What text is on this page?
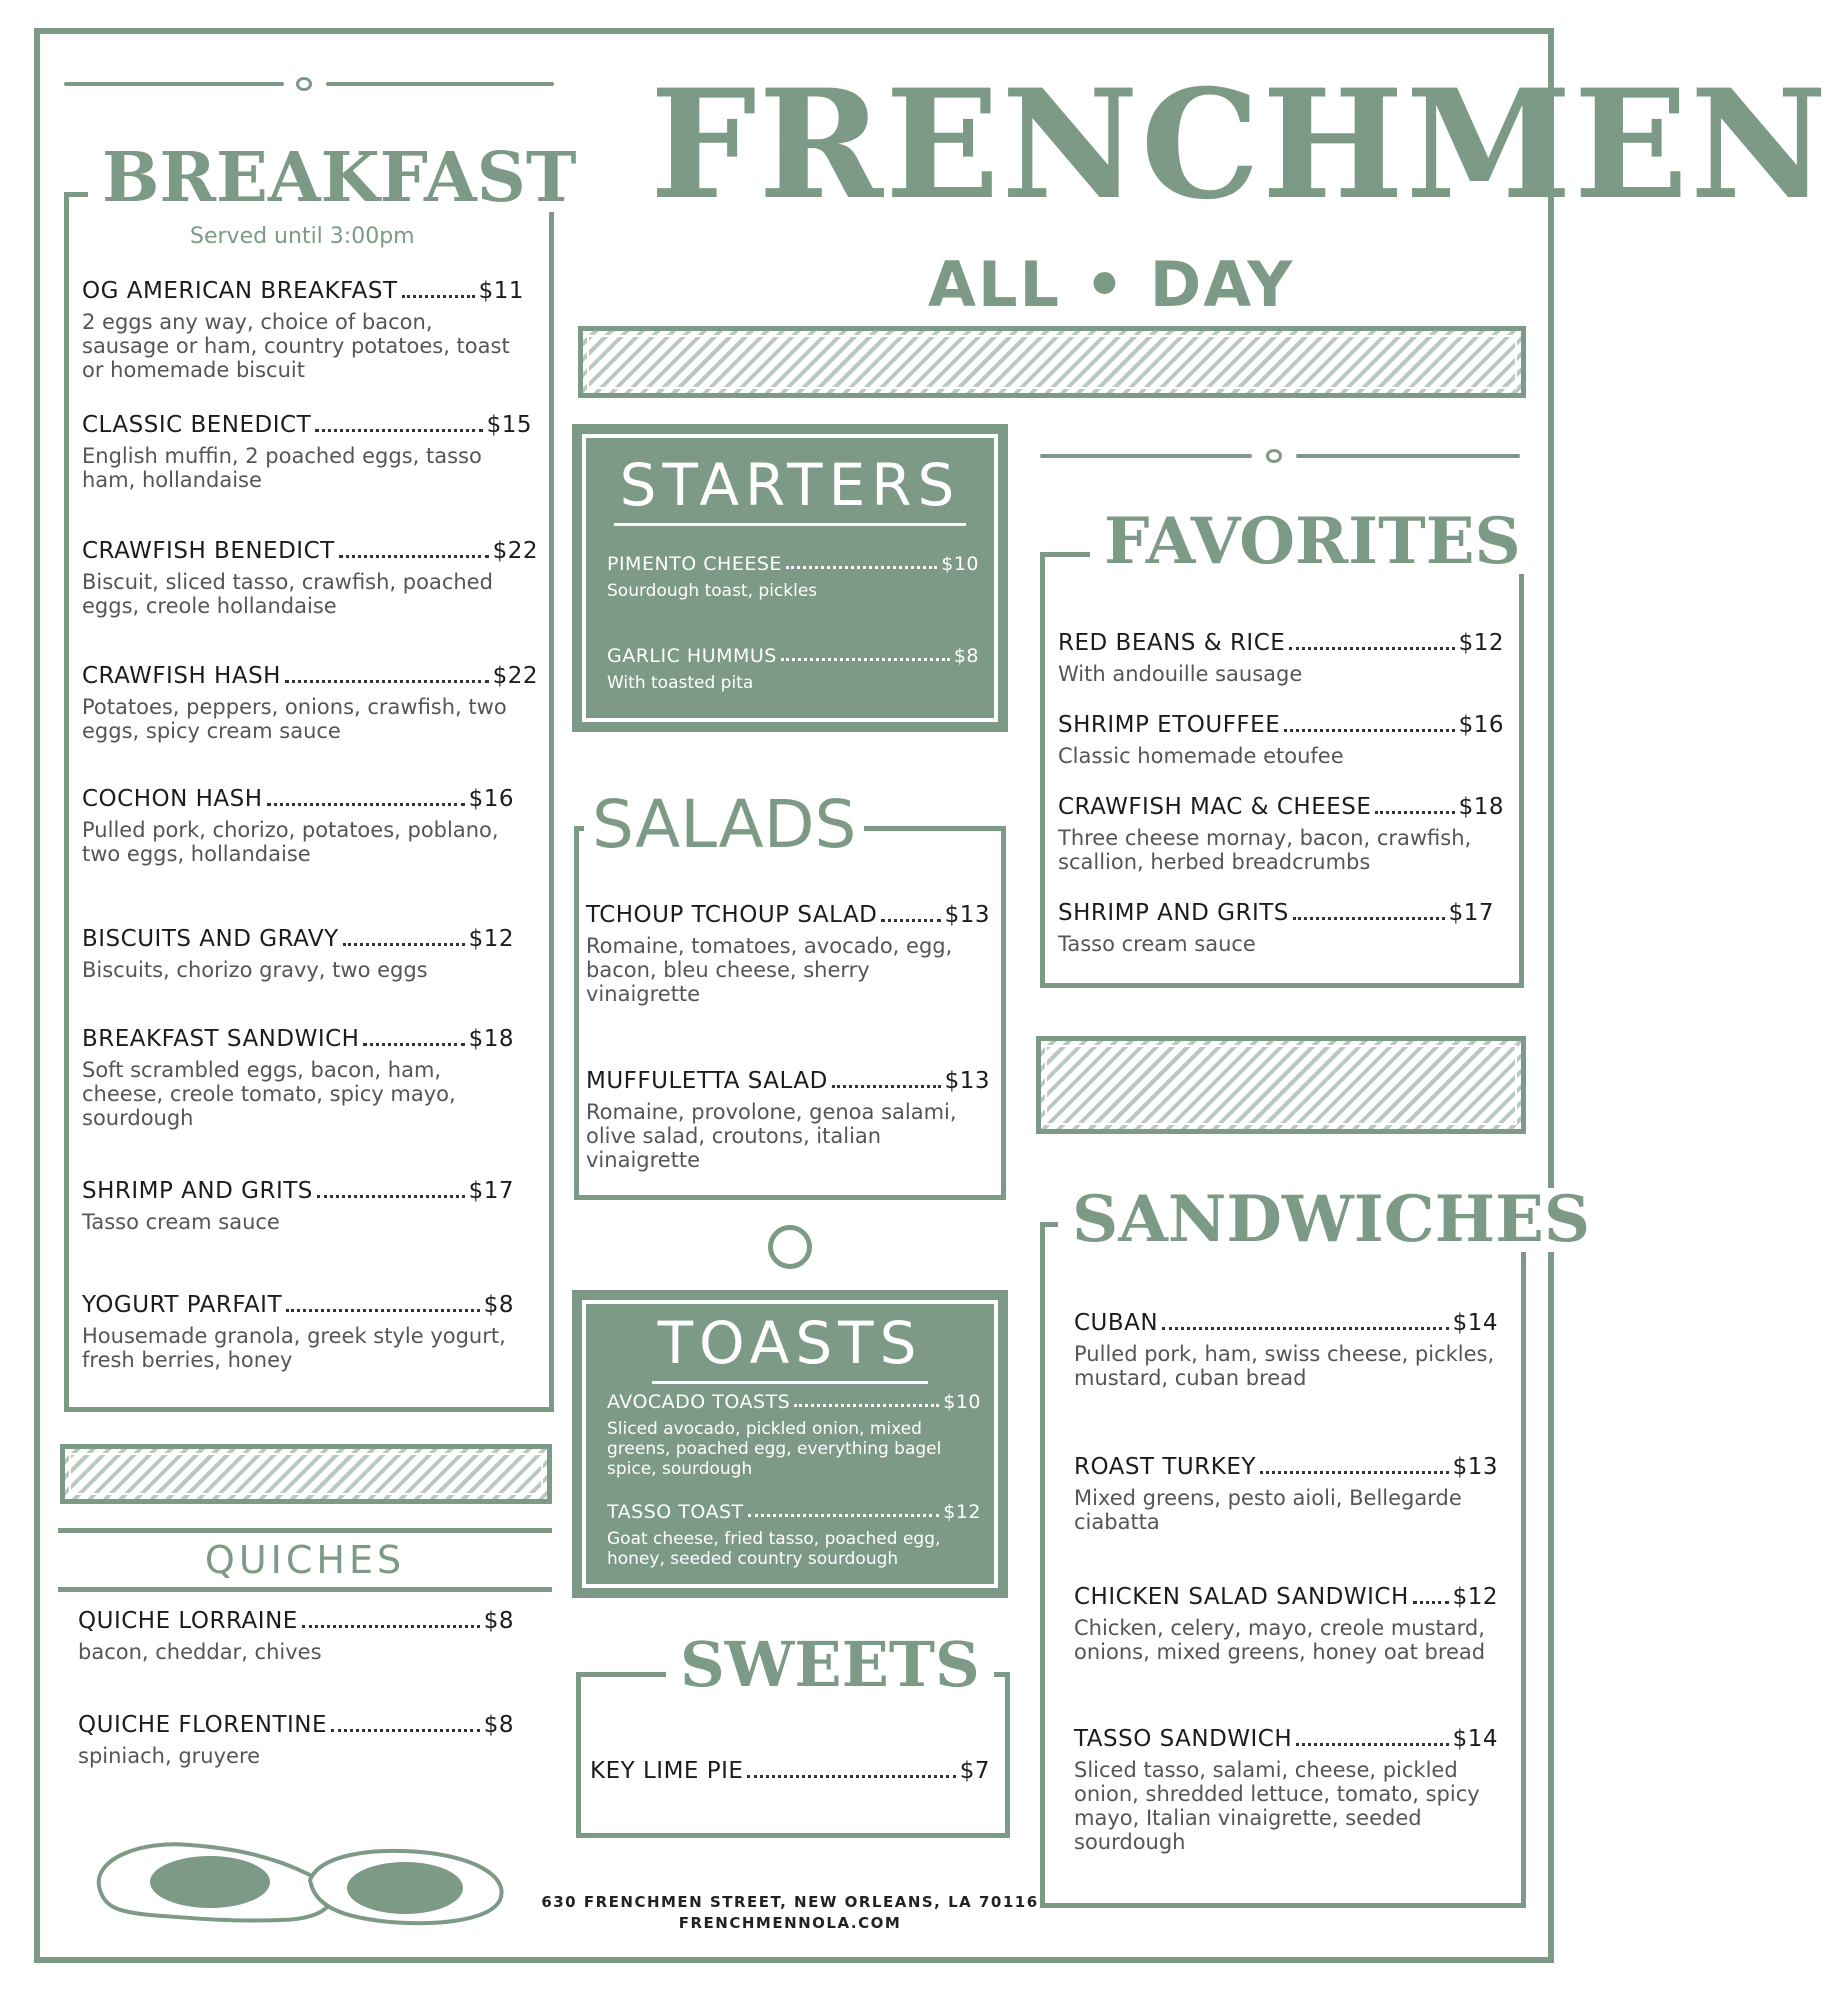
FRENCHMEN
ALL • DAY
BREAKFAST
Served until 3:00pm
OG AMERICAN BREAKFAST	$11
2 eggs any way, choice of bacon, sausage or ham, country potatoes, toast or homemade biscuit
CLASSIC BENEDICT	$15
English muffin, 2 poached eggs, tasso ham, hollandaise
CRAWFISH BENEDICT	$22
Biscuit, sliced tasso, crawfish, poached eggs, creole hollandaise
CRAWFISH HASH	$22
Potatoes, peppers, onions, crawfish, two eggs, spicy cream sauce
COCHON HASH	$16
Pulled pork, chorizo, potatoes, poblano, two eggs, hollandaise
BISCUITS AND GRAVY	$12
Biscuits, chorizo gravy, two eggs
BREAKFAST SANDWICH	$18
Soft scrambled eggs, bacon, ham, cheese, creole tomato, spicy mayo, sourdough
SHRIMP AND GRITS	$17
Tasso cream sauce
YOGURT PARFAIT	$8
Housemade granola, greek style yogurt, fresh berries, honey
QUICHES
QUICHE LORRAINE	$8
bacon, cheddar, chives
QUICHE FLORENTINE	$8
spiniach, gruyere
STARTERS
PIMENTO CHEESE	$10
Sourdough toast, pickles
GARLIC HUMMUS	$8
With toasted pita
SALADS
TCHOUP TCHOUP SALAD	$13
Romaine, tomatoes, avocado, egg, bacon, bleu cheese, sherry vinaigrette
MUFFULETTA SALAD	$13
Romaine, provolone, genoa salami, olive salad, croutons, italian vinaigrette
TOASTS
AVOCADO TOASTS	$10
Sliced avocado, pickled onion, mixed greens, poached egg, everything bagel spice, sourdough
TASSO TOAST	$12
Goat cheese, fried tasso, poached egg, honey, seeded country sourdough
SWEETS
KEY LIME PIE	$7
FAVORITES
RED BEANS & RICE	$12
With andouille sausage
SHRIMP ETOUFFEE	$16
Classic homemade etoufee
CRAWFISH MAC & CHEESE	$18
Three cheese mornay, bacon, crawfish, scallion, herbed breadcrumbs
SHRIMP AND GRITS	$17
Tasso cream sauce
SANDWICHES
CUBAN	$14
Pulled pork, ham, swiss cheese, pickles, mustard, cuban bread
ROAST TURKEY	$13
Mixed greens, pesto aioli, Bellegarde ciabatta
CHICKEN SALAD SANDWICH $12
Chicken, celery, mayo, creole mustard, onions, mixed greens, honey oat bread
TASSO SANDWICH	$14
Sliced tasso, salami, cheese, pickled onion, shredded lettuce, tomato, spicy mayo, Italian vinaigrette, seeded sourdough
630 FRENCHMEN STREET, NEW ORLEANS, LA 70116
FRENCHMENNOLA.COM
